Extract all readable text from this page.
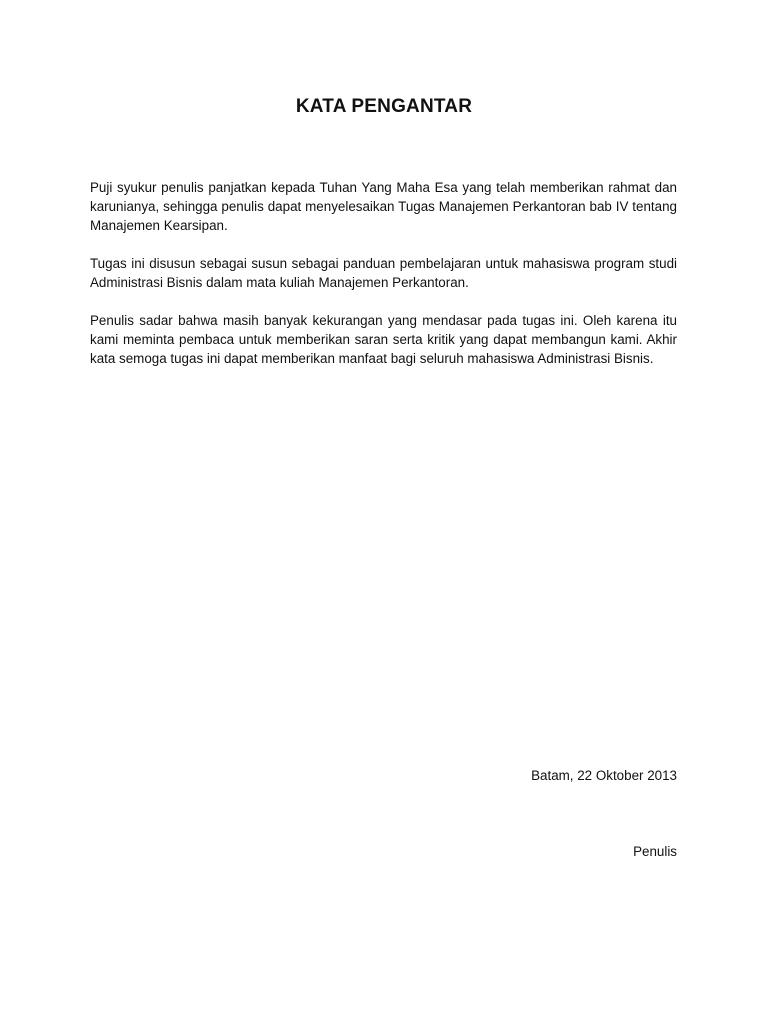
KATA PENGANTAR

Puji syukur penulis panjatkan kepada Tuhan Yang Maha Esa yang telah memberikan rahmat dan karunianya, sehingga penulis dapat menyelesaikan Tugas Manajemen Perkantoran bab IV tentang Manajemen Kearsipan.

Tugas ini disusun sebagai susun sebagai panduan pembelajaran untuk mahasiswa program studi Administrasi Bisnis dalam mata kuliah Manajemen Perkantoran.

Penulis sadar bahwa masih banyak kekurangan yang mendasar pada tugas ini. Oleh karena itu kami meminta pembaca untuk memberikan saran serta kritik yang dapat membangun kami. Akhir kata semoga tugas ini dapat memberikan manfaat bagi seluruh mahasiswa Administrasi Bisnis.

Batam, 22 Oktober 2013

Penulis
